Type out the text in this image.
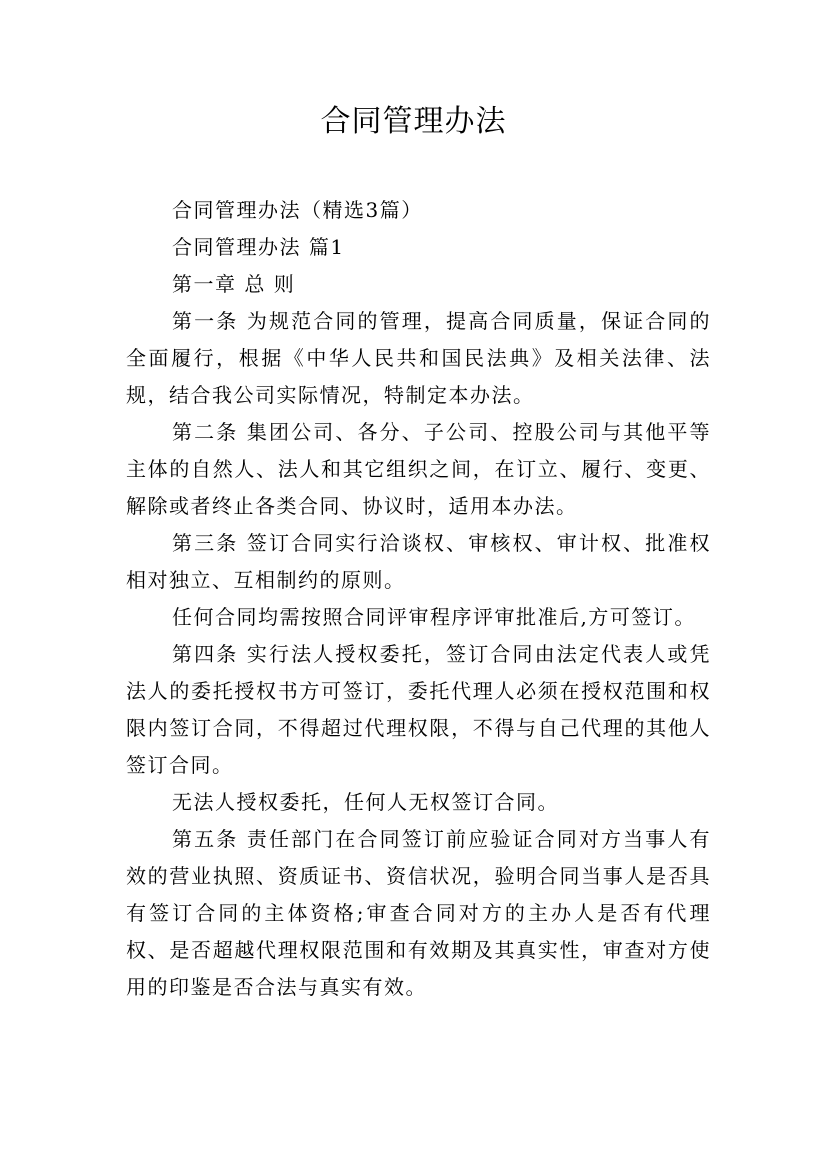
合同管理办法

合同管理办法（精选3篇）

合同管理办法 篇1

第一章 总 则

第一条 为规范合同的管理，提高合同质量，保证合同的全面履行，根据《中华人民共和国民法典》及相关法律、法规，结合我公司实际情况，特制定本办法。

第二条 集团公司、各分、子公司、控股公司与其他平等主体的自然人、法人和其它组织之间，在订立、履行、变更、解除或者终止各类合同、协议时，适用本办法。

第三条 签订合同实行洽谈权、审核权、审计权、批准权相对独立、互相制约的原则。

任何合同均需按照合同评审程序评审批准后,方可签订。

第四条 实行法人授权委托，签订合同由法定代表人或凭法人的委托授权书方可签订，委托代理人必须在授权范围和权限内签订合同，不得超过代理权限，不得与自己代理的其他人签订合同。

无法人授权委托，任何人无权签订合同。

第五条 责任部门在合同签订前应验证合同对方当事人有效的营业执照、资质证书、资信状况，验明合同当事人是否具有签订合同的主体资格;审查合同对方的主办人是否有代理权、是否超越代理权限范围和有效期及其真实性，审查对方使用的印鉴是否合法与真实有效。
